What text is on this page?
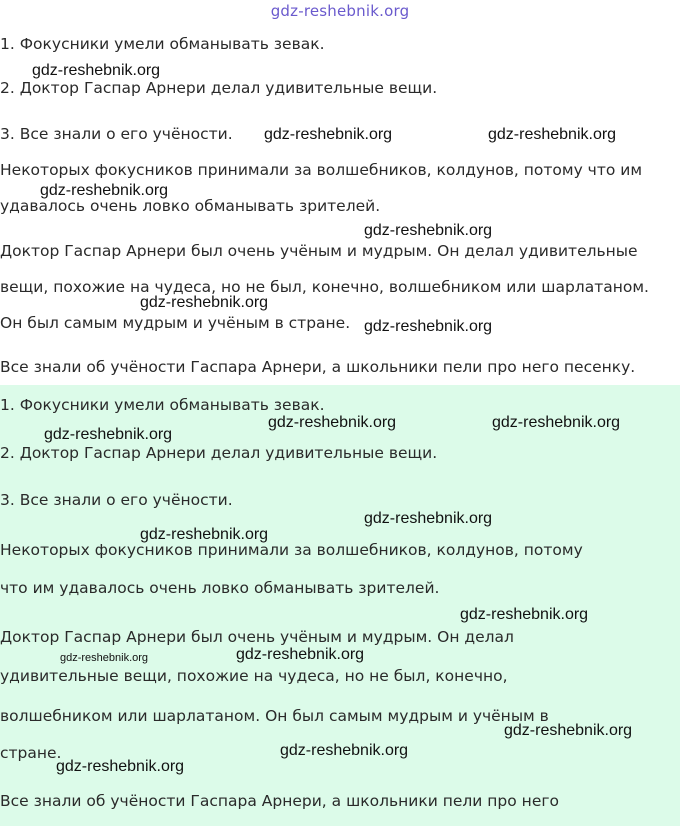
gdz-reshebnik.org
1. Фокусники умели обманывать зевак.
2. Доктор Гаспар Арнери делал удивительные вещи.
3. Все знали о его учёности.
Некоторых фокусников принимали за волшебников, колдунов, потому что им
удавалось очень ловко обманывать зрителей.
Доктор Гаспар Арнери был очень учёным и мудрым. Он делал удивительные
вещи, похожие на чудеса, но не был, конечно, волшебником или шарлатаном.
Он был самым мудрым и учёным в стране.
Все знали об учёности Гаспара Арнери, а школьники пели про него песенку.
1. Фокусники умели обманывать зевак.
2. Доктор Гаспар Арнери делал удивительные вещи.
3. Все знали о его учёности.
Некоторых фокусников принимали за волшебников, колдунов, потому
что им удавалось очень ловко обманывать зрителей.
Доктор Гаспар Арнери был очень учёным и мудрым. Он делал
удивительные вещи, похожие на чудеса, но не был, конечно,
волшебником или шарлатаном. Он был самым мудрым и учёным в
стране.
Все знали об учёности Гаспара Арнери, а школьники пели про него
gdz-reshebnik.org
gdz-reshebnik.org	gdz-reshebnik.org
gdz-reshebnik.org
gdz-reshebnik.org
gdz-reshebnik.org
gdz-reshebnik.org
gdz-reshebnik.org	gdz-reshebnik.org
gdz-reshebnik.org
gdz-reshebnik.org
gdz-reshebnik.org
gdz-reshebnik.org
gdz-reshebnik.org	gdz-reshebnik.org
gdz-reshebnik.org
gdz-reshebnik.org
gdz-reshebnik.org
